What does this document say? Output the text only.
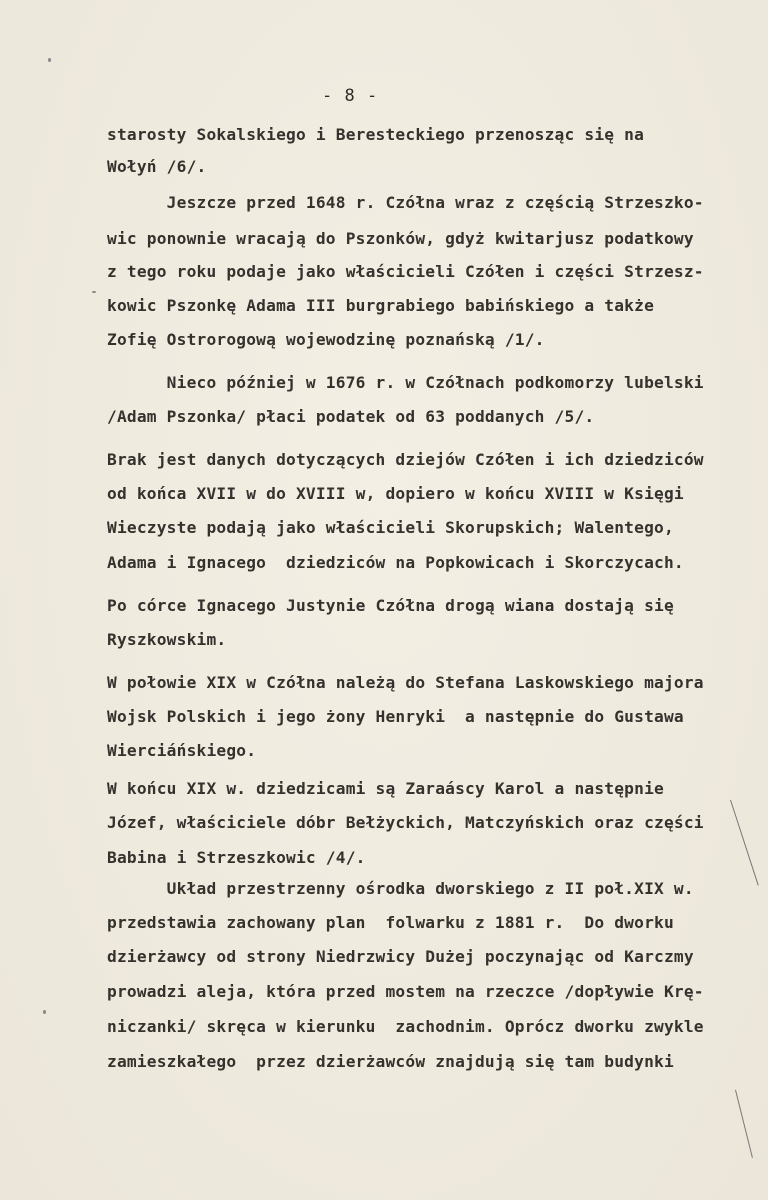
- 8 -
starosty Sokalskiego i Beresteckiego przenosząc się na
Wołyń /6/.
Jeszcze przed 1648 r. Czółna wraz z częścią Strzeszko-
wic ponownie wracają do Pszonków, gdyż kwitarjusz podatkowy
z tego roku podaje jako właścicieli Czółen i części Strzesz-
kowic Pszonkę Adama III burgrabiego babińskiego a także
Zofię Ostrorogową wojewodzinę poznańską /1/.
Nieco później w 1676 r. w Czółnach podkomorzy lubelski
/Adam Pszonka/ płaci podatek od 63 poddanych /5/.
Brak jest danych dotyczących dziejów Czółen i ich dziedziców
od końca XVII w do XVIII w, dopiero w końcu XVIII w Księgi
Wieczyste podają jako właścicieli Skorupskich; Walentego,
Adama i Ignacego  dziedziców na Popkowicach i Skorczycach.
Po córce Ignacego Justynie Czółna drogą wiana dostają się
Ryszkowskim.
W połowie XIX w Czółna należą do Stefana Laskowskiego majora
Wojsk Polskich i jego żony Henryki  a następnie do Gustawa
Wierciáńskiego.
W końcu XIX w. dziedzicami są Zaraáscy Karol a następnie
Józef, właściciele dóbr Bełżyckich, Matczyńskich oraz części
Babina i Strzeszkowic /4/.
Układ przestrzenny ośrodka dworskiego z II poł.XIX w.
przedstawia zachowany plan  folwarku z 1881 r.  Do dworku
dzierżawcy od strony Niedrzwicy Dużej poczynając od Karczmy
prowadzi aleja, która przed mostem na rzeczce /dopływie Krę-
niczanki/ skręca w kierunku  zachodnim. Oprócz dworku zwykle
zamieszkałego  przez dzierżawców znajdują się tam budynki
